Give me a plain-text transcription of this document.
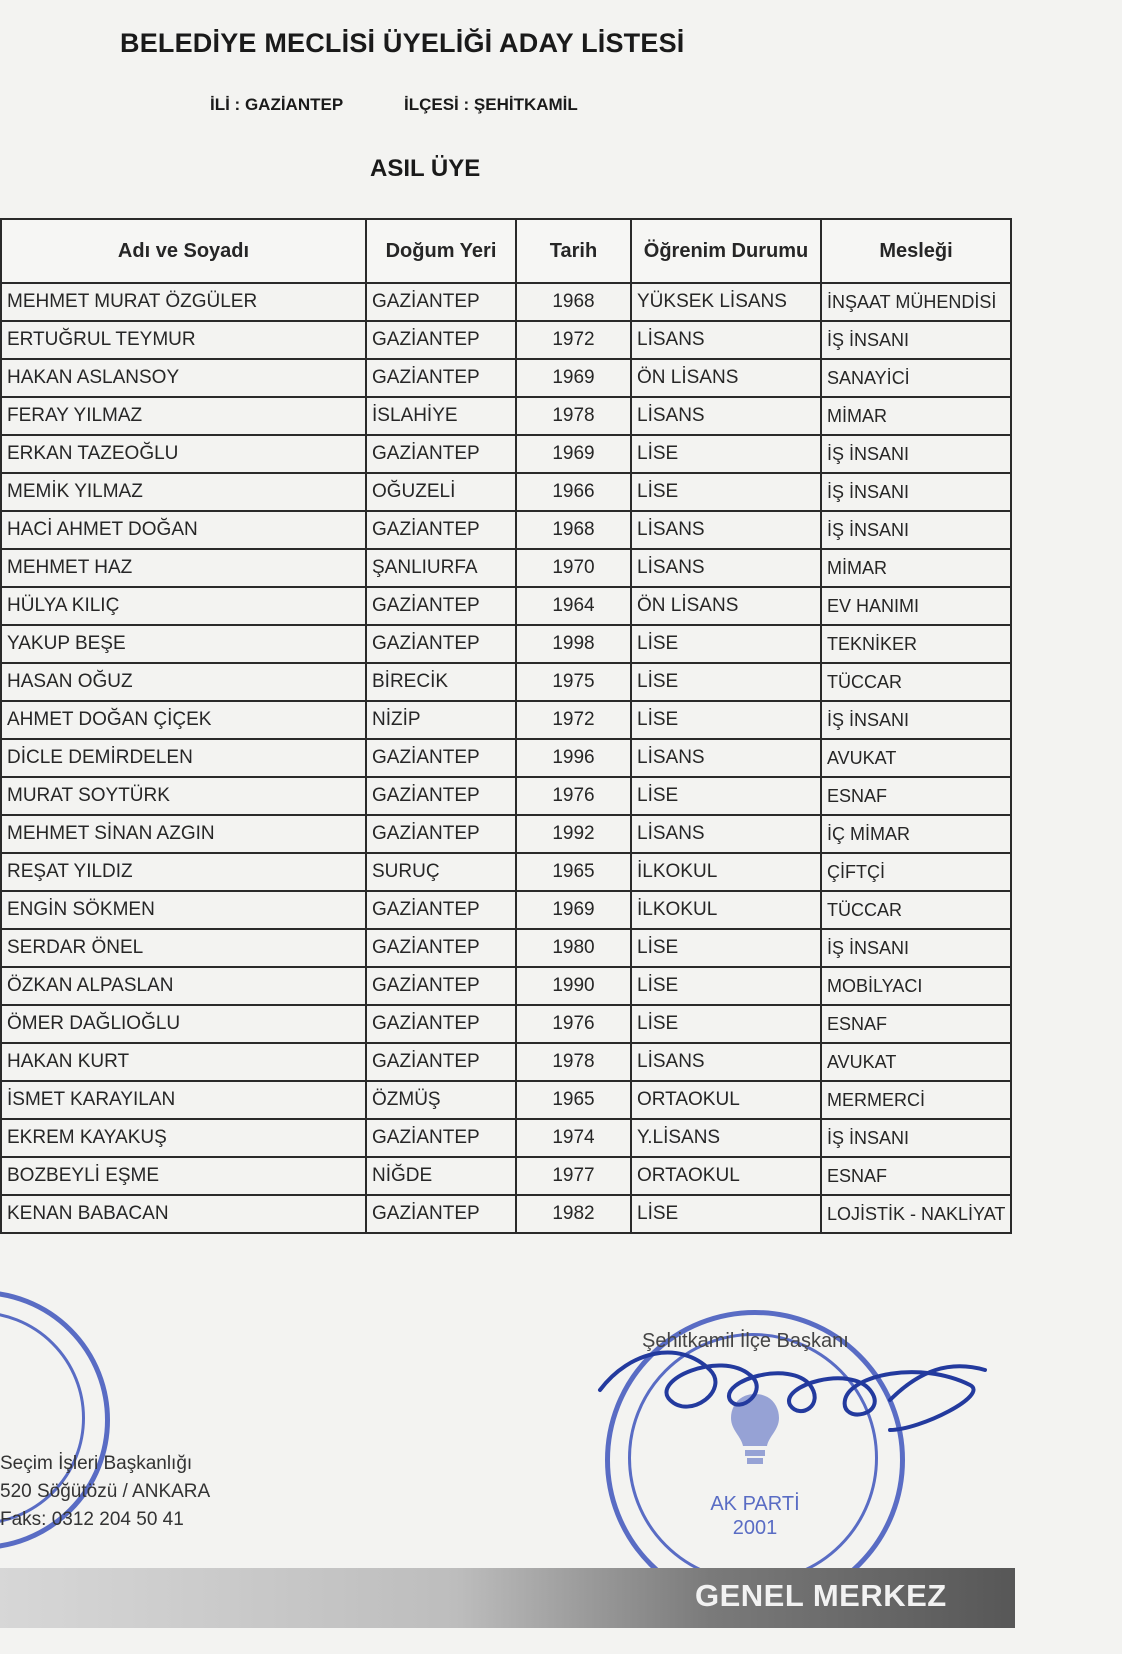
BELEDİYE MECLİSİ ÜYELİĞİ ADAY LİSTESİ
İLİ : GAZİANTEP	İLÇESİ : ŞEHİTKAMİL
ASIL ÜYE
Adı ve Soyadı	Doğum Yeri	Tarih	Öğrenim Durumu	Mesleği
MEHMET MURAT ÖZGÜLER	GAZİANTEP	1968	YÜKSEK LİSANS	İNŞAAT MÜHENDİSİ
ERTUĞRUL TEYMUR	GAZİANTEP	1972	LİSANS	İŞ İNSANI
HAKAN ASLANSOY	GAZİANTEP	1969	ÖN LİSANS	SANAYİCİ
FERAY YILMAZ	İSLAHİYE	1978	LİSANS	MİMAR
ERKAN TAZEOĞLU	GAZİANTEP	1969	LİSE	İŞ İNSANI
MEMİK YILMAZ	OĞUZELİ	1966	LİSE	İŞ İNSANI
HACİ AHMET DOĞAN	GAZİANTEP	1968	LİSANS	İŞ İNSANI
MEHMET HAZ	ŞANLIURFA	1970	LİSANS	MİMAR
HÜLYA KILIÇ	GAZİANTEP	1964	ÖN LİSANS	EV HANIMI
YAKUP BEŞE	GAZİANTEP	1998	LİSE	TEKNİKER
HASAN OĞUZ	BİRECİK	1975	LİSE	TÜCCAR
AHMET DOĞAN ÇİÇEK	NİZİP	1972	LİSE	İŞ İNSANI
DİCLE DEMİRDELEN	GAZİANTEP	1996	LİSANS	AVUKAT
MURAT SOYTÜRK	GAZİANTEP	1976	LİSE	ESNAF
MEHMET SİNAN AZGIN	GAZİANTEP	1992	LİSANS	İÇ MİMAR
REŞAT YILDIZ	SURUÇ	1965	İLKOKUL	ÇİFTÇİ
ENGİN SÖKMEN	GAZİANTEP	1969	İLKOKUL	TÜCCAR
SERDAR ÖNEL	GAZİANTEP	1980	LİSE	İŞ İNSANI
ÖZKAN ALPASLAN	GAZİANTEP	1990	LİSE	MOBİLYACI
ÖMER DAĞLIOĞLU	GAZİANTEP	1976	LİSE	ESNAF
HAKAN KURT	GAZİANTEP	1978	LİSANS	AVUKAT
İSMET KARAYILAN	ÖZMÜŞ	1965	ORTAOKUL	MERMERCİ
EKREM KAYAKUŞ	GAZİANTEP	1974	Y.LİSANS	İŞ İNSANI
BOZBEYLİ EŞME	NİĞDE	1977	ORTAOKUL	ESNAF
KENAN BABACAN	GAZİANTEP	1982	LİSE	LOJİSTİK - NAKLİYAT
Seçim İşleri Başkanlığı
520 Söğütözü / ANKARA
Faks: 0312 204 50 41
AK PARTİ
2001
Şehitkamil İlçe Başkanı
GENEL MERKEZ
